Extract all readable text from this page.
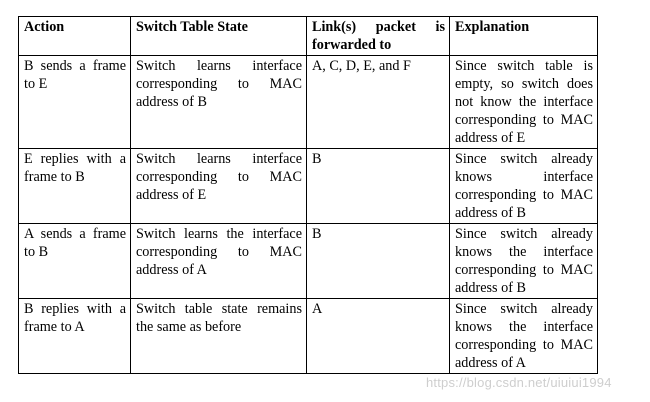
Action	Switch Table State	Link(s) packet is forwarded to	Explanation
B sends a frame to E	Switch learns interface corresponding to MAC address of B	A, C, D, E, and F	Since switch table is empty, so switch does not know the interface corresponding to MAC address of E
E replies with a frame to B	Switch learns interface corresponding to MAC address of E	B	Since switch already knows interface corresponding to MAC address of B
A sends a frame to B	Switch learns the interface corresponding to MAC address of A	B	Since switch already knows the interface corresponding to MAC address of B
B replies with a frame to A	Switch table state remains the same as before	A	Since switch already knows the interface corresponding to MAC address of A
https://blog.csdn.net/uiuiui1994
